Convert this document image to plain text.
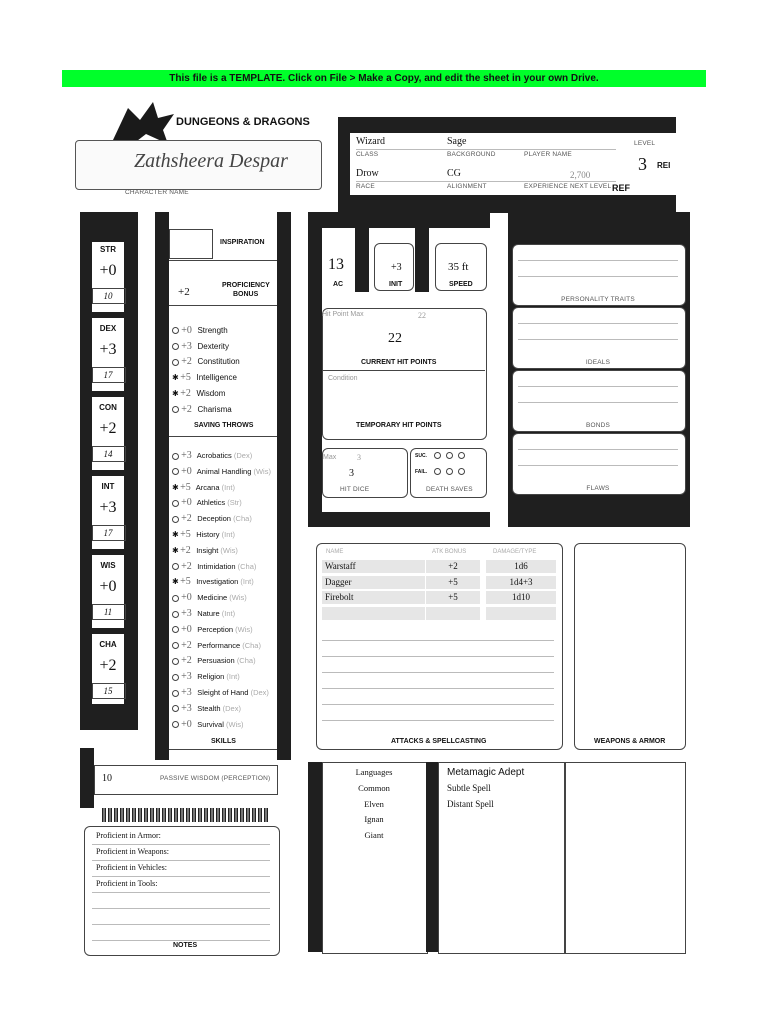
This file is a TEMPLATE. Click on File > Make a Copy, and edit the sheet in your own Drive.
DUNGEONS & DRAGONS
Zathsheera Despar
CHARACTER NAME
Wizard
CLASS
Sage
BACKGROUND	PLAYER NAME
Drow
RACE
CG
ALIGNMENT
2,700
EXPERIENCE NEXT LEVEL
LEVEL
3 REI
REF
STR
+0
10
DEX
+3
17
CON
+2
14
INT
+3
17
WIS
+0
11
CHA
+2
15
INSPIRATION
+2
PROFICIENCY
BONUS
+0 Strength
+3 Dexterity
+2 Constitution
✱ +5 Intelligence
✱ +2 Wisdom
+2 Charisma
SAVING THROWS
+3 Acrobatics (Dex)
+0 Animal Handling (Wis)
✱ +5 Arcana (Int)
+0 Athletics (Str)
+2 Deception (Cha)
✱ +5 History (Int)
✱ +2 Insight (Wis)
+2 Intimidation (Cha)
✱ +5 Investigation (Int)
+0 Medicine (Wis)
+3 Nature (Int)
+0 Perception (Wis)
+2 Performance (Cha)
+2 Persuasion (Cha)
+3 Religion (Int)
+3 Sleight of Hand (Dex)
+3 Stealth (Dex)
+0 Survival (Wis)
SKILLS
10	PASSIVE WISDOM (PERCEPTION)
Proficient in Armor:
Proficient in Weapons:
Proficient in Vehicles:
Proficient in Tools:
NOTES
13
AC
+3
INIT
35 ft
SPEED
Hit Point Max	22
22
CURRENT HIT POINTS
Condition
TEMPORARY HIT POINTS
Max	3
3
HIT DICE
SUC.

FAIL.

DEATH SAVES
PERSONALITY TRAITS
IDEALS
BONDS
FLAWS
NAME	ATK BONUS	DAMAGE/TYPE
Warstaff	+2	1d6
Dagger	+5	1d4+3
Firebolt	+5	1d10
ATTACKS & SPELLCASTING	WEAPONS & ARMOR
Languages
Common
Elven
Ignan
Giant
Metamagic Adept
Subtle Spell
Distant Spell
